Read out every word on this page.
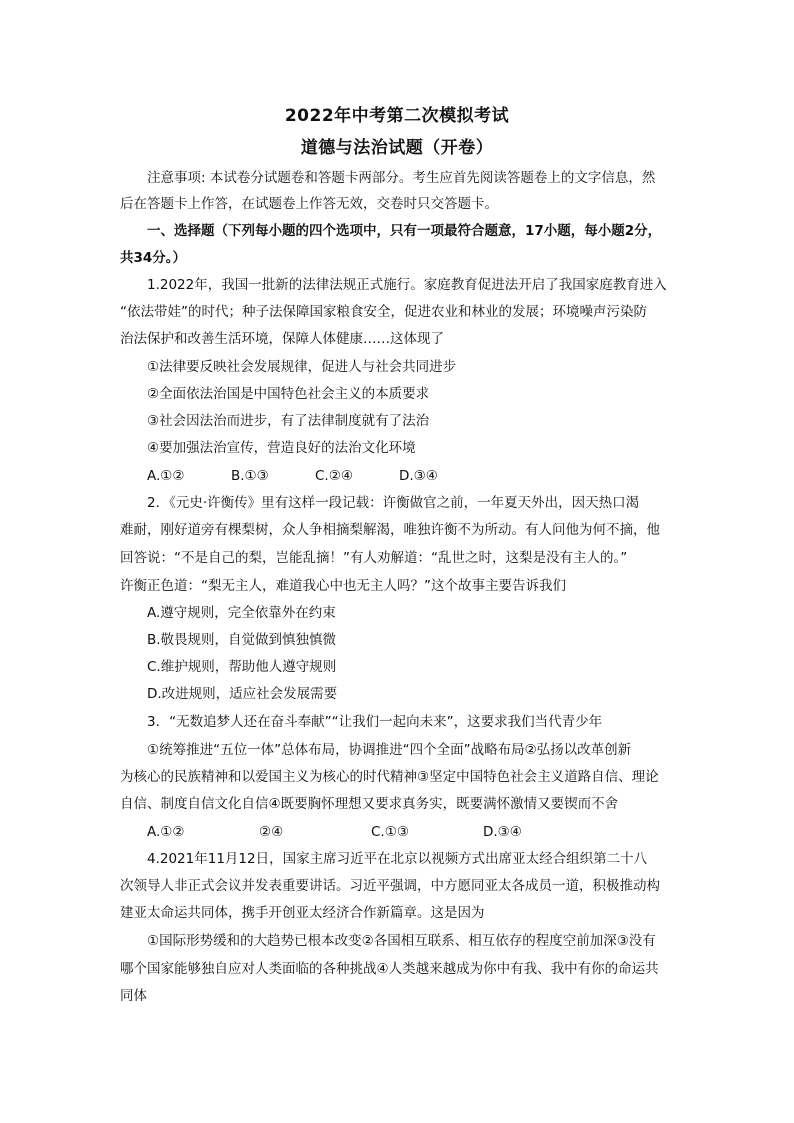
2022年中考第二次模拟考试
道德与法治试题（开卷）
注意事项: 本试卷分试题卷和答题卡两部分。考生应首先阅读答题卷上的文字信息，然
后在答题卡上作答，在试题卷上作答无效，交卷时只交答题卡。
一、选择题（下列每小题的四个选项中，只有一项最符合题意，17小题，每小题2分，
共34分。）
1.2022年，我国一批新的法律法规正式施行。家庭教育促进法开启了我国家庭教育进入
“依法带娃”的时代；种子法保障国家粮食安全，促进农业和林业的发展；环境噪声污染防
治法保护和改善生活环境，保障人体健康……这体现了
①法律要反映社会发展规律，促进人与社会共同进步
②全面依法治国是中国特色社会主义的本质要求
③社会因法治而进步，有了法律制度就有了法治
④要加强法治宣传，营造良好的法治文化环境
A.①②	B.①③	C.②④	D.③④
2．《元史·许衡传》里有这样一段记载：许衡做官之前，一年夏天外出，因天热口渴
难耐，刚好道旁有棵梨树，众人争相摘梨解渴，唯独许衡不为所动。有人问他为何不摘，他
回答说：“不是自己的梨，岂能乱摘！”有人劝解道：“乱世之时，这梨是没有主人的。”
许衡正色道：“梨无主人，难道我心中也无主人吗？”这个故事主要告诉我们
A.遵守规则，完全依靠外在约束
B.敬畏规则，自觉做到慎独慎微
C.维护规则，帮助他人遵守规则
D.改进规则，适应社会发展需要
3．“无数追梦人还在奋斗奉献”“让我们一起向未来”，这要求我们当代青少年
①统筹推进“五位一体”总体布局，协调推进“四个全面”战略布局②弘扬以改革创新
为核心的民族精神和以爱国主义为核心的时代精神③坚定中国特色社会主义道路自信、理论
自信、制度自信文化自信④既要胸怀理想又要求真务实，既要满怀激情又要锲而不舍
A.①②	②④	C.①③	D.③④
4.2021年11月12日，国家主席习近平在北京以视频方式出席亚太经合组织第二十八
次领导人非正式会议并发表重要讲话。习近平强调，中方愿同亚太各成员一道，积极推动构
建亚太命运共同体，携手开创亚太经济合作新篇章。这是因为
①国际形势缓和的大趋势已根本改变②各国相互联系、相互依存的程度空前加深③没有
哪个国家能够独自应对人类面临的各种挑战④人类越来越成为你中有我、我中有你的命运共
同体
